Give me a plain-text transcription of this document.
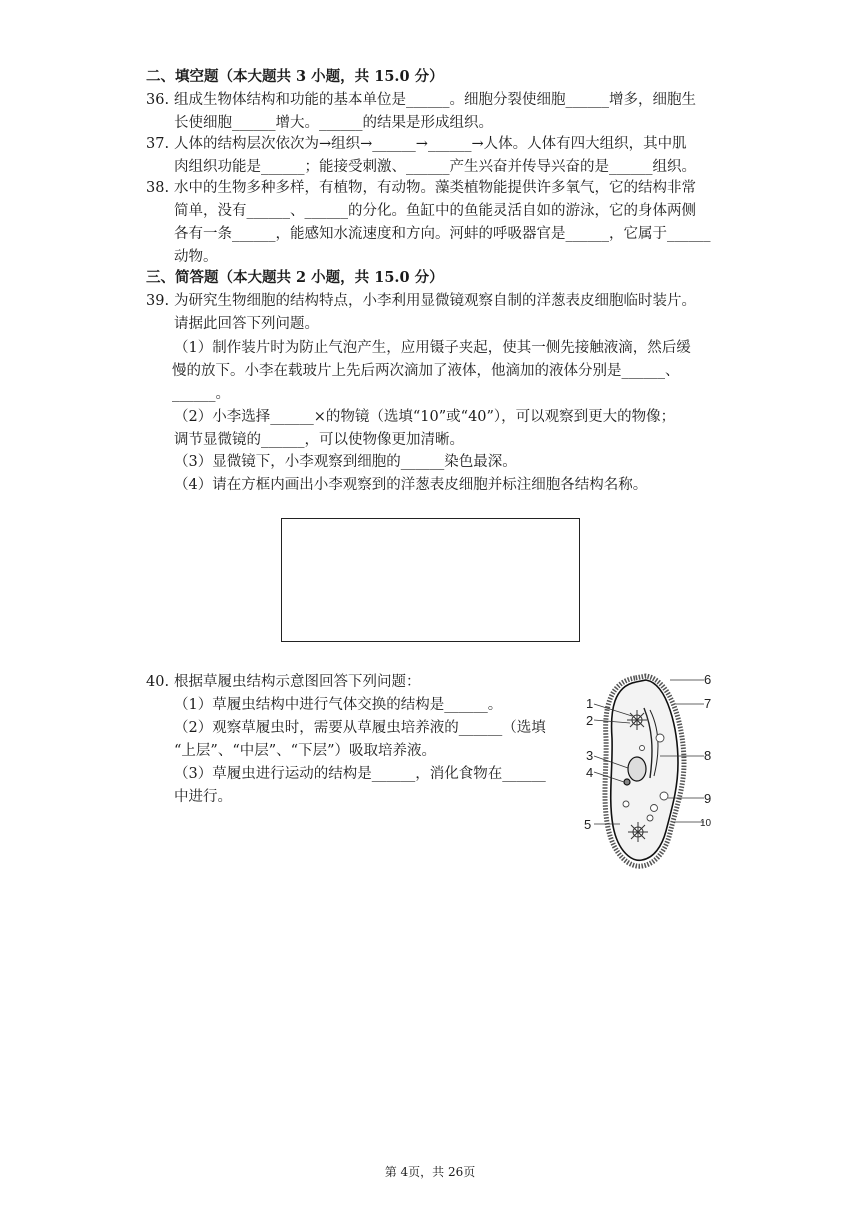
二、填空题（本大题共 3 小题，共 15.0 分）
36. 组成生物体结构和功能的基本单位是______。细胞分裂使细胞______增多，细胞生
长使细胞______增大。______的结果是形成组织。
37. 人体的结构层次依次为→组织→______→______→人体。人体有四大组织，其中肌
肉组织功能是______；能接受刺激、______产生兴奋并传导兴奋的是______组织。
38. 水中的生物多种多样，有植物，有动物。藻类植物能提供许多氧气，它的结构非常
简单，没有______、______的分化。鱼缸中的鱼能灵活自如的游泳，它的身体两侧
各有一条______，能感知水流速度和方向。河蚌的呼吸器官是______，它属于______
动物。
三、简答题（本大题共 2 小题，共 15.0 分）
39. 为研究生物细胞的结构特点，小李利用显微镜观察自制的洋葱表皮细胞临时装片。
请据此回答下列问题。
（1）制作装片时为防止气泡产生，应用镊子夹起，使其一侧先接触液滴，然后缓
慢的放下。小李在载玻片上先后两次滴加了液体，他滴加的液体分别是______、
______。
（2）小李选择______×的物镜（选填“10”或“40”），可以观察到更大的物像；
调节显微镜的______，可以使物像更加清晰。
（3）显微镜下，小李观察到细胞的______染色最深。
（4）请在方框内画出小李观察到的洋葱表皮细胞并标注细胞各结构名称。
40. 根据草履虫结构示意图回答下列问题：
（1）草履虫结构中进行气体交换的结构是______。
（2）观察草履虫时，需要从草履虫培养液的______（选填
“上层”、“中层”、“下层”）吸取培养液。
（3）草履虫进行运动的结构是______，消化食物在______
中进行。
1
2
3
4
5
6
7
8
9
10
第 4页，共 26页
